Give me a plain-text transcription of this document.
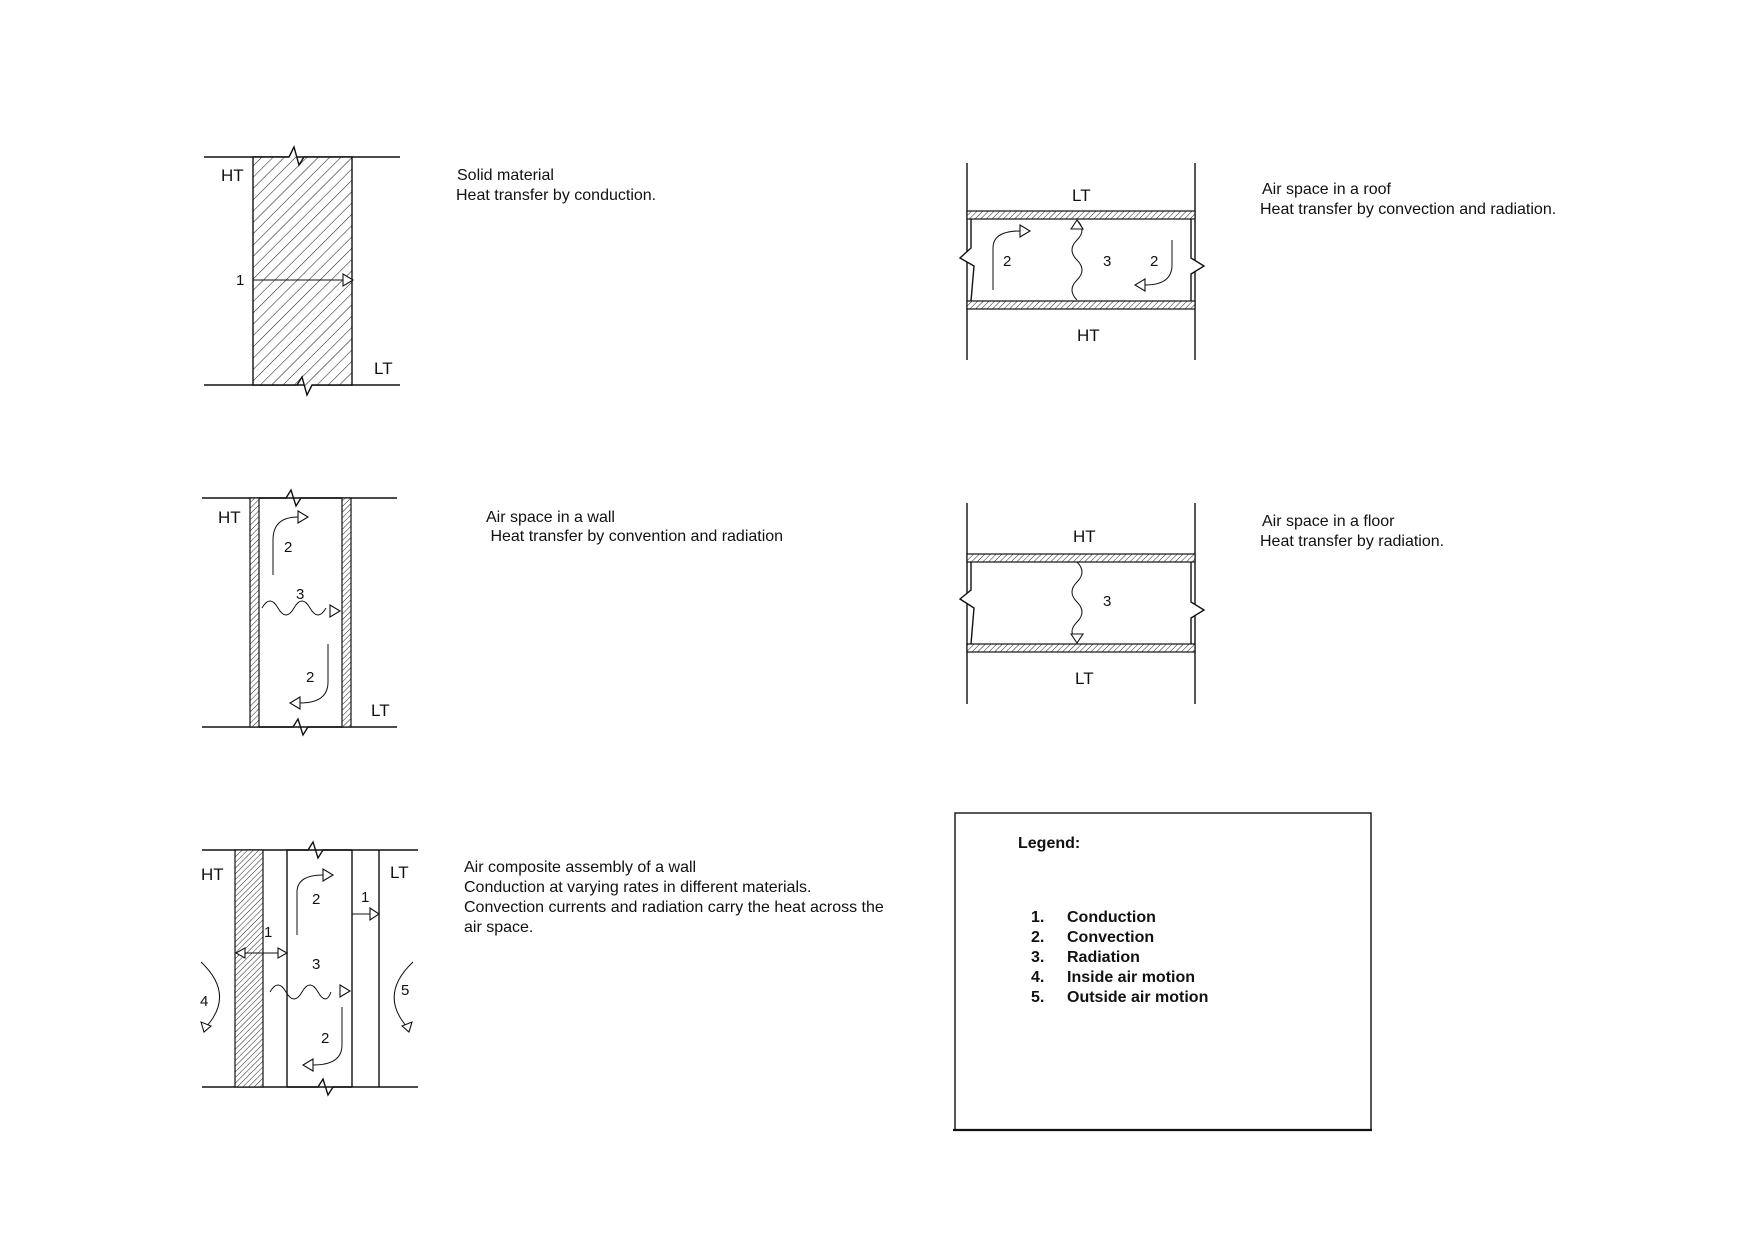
HT
LT
1
Solid material
Heat transfer by conduction.
HT
LT
2
3
2
Air space in a wall
Heat transfer by convention and radiation
HT	LT
1
1
2
3
2
4
5
Air composite assembly of a wall
Conduction at varying rates in different materials.
Convection currents and radiation carry the heat across the
air space.
LT
HT
2	3	2
Air space in a roof
Heat transfer by convection and radiation.
HT
LT
3
Air space in a floor
Heat transfer by radiation.
Legend:
1. Conduction
2. Convection
3. Radiation
4. Inside air motion
5. Outside air motion
